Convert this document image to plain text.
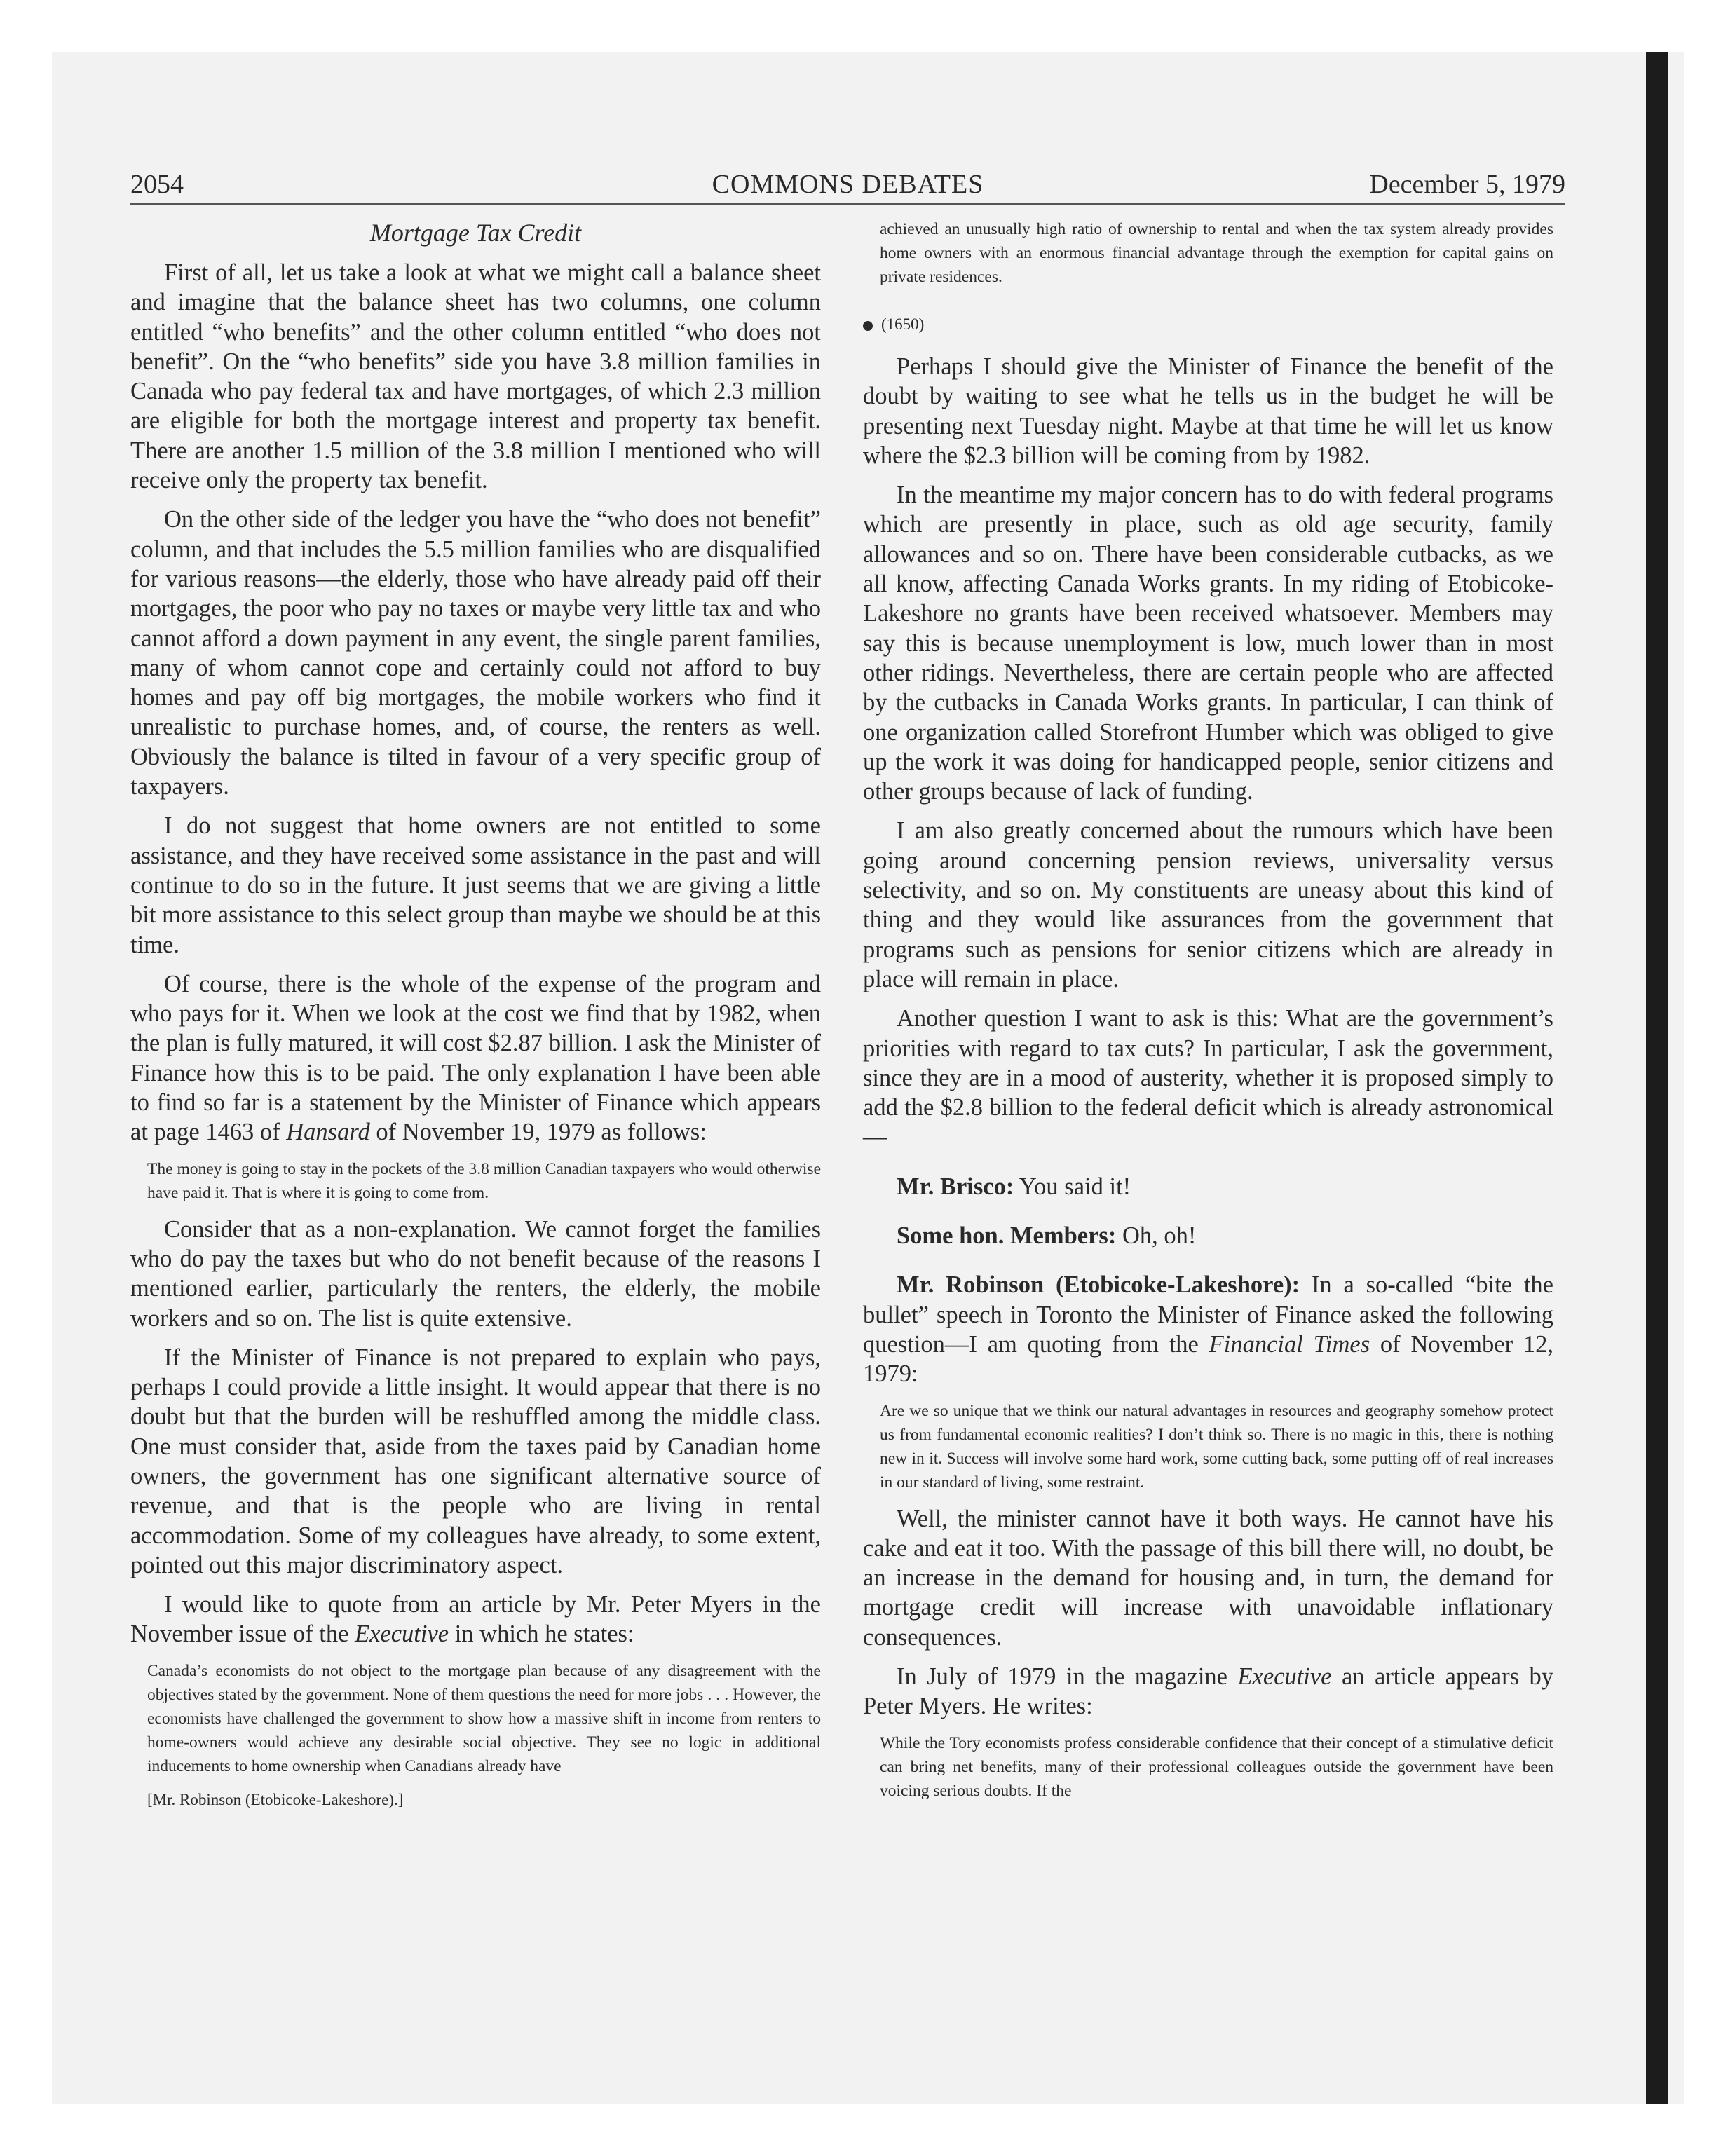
COMMONS DEBATES
2054	December 5, 1979

Mortgage Tax Credit

First of all, let us take a look at what we might call a balance sheet and imagine that the balance sheet has two columns, one column entitled “who benefits” and the other column entitled “who does not benefit”. On the “who benefits” side you have 3.8 million families in Canada who pay federal tax and have mortgages, of which 2.3 million are eligible for both the mortgage interest and property tax benefit. There are another 1.5 million of the 3.8 million I mentioned who will receive only the property tax benefit.

On the other side of the ledger you have the “who does not benefit” column, and that includes the 5.5 million families who are disqualified for various reasons—the elderly, those who have already paid off their mortgages, the poor who pay no taxes or maybe very little tax and who cannot afford a down payment in any event, the single parent families, many of whom cannot cope and certainly could not afford to buy homes and pay off big mortgages, the mobile workers who find it unrealistic to purchase homes, and, of course, the renters as well. Obviously the balance is tilted in favour of a very specific group of taxpayers.

I do not suggest that home owners are not entitled to some assistance, and they have received some assistance in the past and will continue to do so in the future. It just seems that we are giving a little bit more assistance to this select group than maybe we should be at this time.

Of course, there is the whole of the expense of the program and who pays for it. When we look at the cost we find that by 1982, when the plan is fully matured, it will cost $2.87 billion. I ask the Minister of Finance how this is to be paid. The only explanation I have been able to find so far is a statement by the Minister of Finance which appears at page 1463 of Hansard of November 19, 1979 as follows:

The money is going to stay in the pockets of the 3.8 million Canadian taxpayers who would otherwise have paid it. That is where it is going to come from.

Consider that as a non-explanation. We cannot forget the families who do pay the taxes but who do not benefit because of the reasons I mentioned earlier, particularly the renters, the elderly, the mobile workers and so on. The list is quite extensive.

If the Minister of Finance is not prepared to explain who pays, perhaps I could provide a little insight. It would appear that there is no doubt but that the burden will be reshuffled among the middle class. One must consider that, aside from the taxes paid by Canadian home owners, the government has one significant alternative source of revenue, and that is the people who are living in rental accommodation. Some of my colleagues have already, to some extent, pointed out this major discriminatory aspect.

I would like to quote from an article by Mr. Peter Myers in the November issue of the Executive in which he states:

Canada’s economists do not object to the mortgage plan because of any disagreement with the objectives stated by the government. None of them questions the need for more jobs . . . However, the economists have challenged the government to show how a massive shift in income from renters to home-owners would achieve any desirable social objective. They see no logic in additional inducements to home ownership when Canadians already have

[Mr. Robinson (Etobicoke-Lakeshore).]

achieved an unusually high ratio of ownership to rental and when the tax system already provides home owners with an enormous financial advantage through the exemption for capital gains on private residences.

(1650)

Perhaps I should give the Minister of Finance the benefit of the doubt by waiting to see what he tells us in the budget he will be presenting next Tuesday night. Maybe at that time he will let us know where the $2.3 billion will be coming from by 1982.

In the meantime my major concern has to do with federal programs which are presently in place, such as old age security, family allowances and so on. There have been considerable cutbacks, as we all know, affecting Canada Works grants. In my riding of Etobicoke-Lakeshore no grants have been received whatsoever. Members may say this is because unemployment is low, much lower than in most other ridings. Nevertheless, there are certain people who are affected by the cutbacks in Canada Works grants. In particular, I can think of one organization called Storefront Humber which was obliged to give up the work it was doing for handicapped people, senior citizens and other groups because of lack of funding.

I am also greatly concerned about the rumours which have been going around concerning pension reviews, universality versus selectivity, and so on. My constituents are uneasy about this kind of thing and they would like assurances from the government that programs such as pensions for senior citizens which are already in place will remain in place.

Another question I want to ask is this: What are the government’s priorities with regard to tax cuts? In particular, I ask the government, since they are in a mood of austerity, whether it is proposed simply to add the $2.8 billion to the federal deficit which is already astronomical—

Mr. Brisco: You said it!

Some hon. Members: Oh, oh!

Mr. Robinson (Etobicoke-Lakeshore): In a so-called “bite the bullet” speech in Toronto the Minister of Finance asked the following question—I am quoting from the Financial Times of November 12, 1979:

Are we so unique that we think our natural advantages in resources and geography somehow protect us from fundamental economic realities? I don’t think so. There is no magic in this, there is nothing new in it. Success will involve some hard work, some cutting back, some putting off of real increases in our standard of living, some restraint.

Well, the minister cannot have it both ways. He cannot have his cake and eat it too. With the passage of this bill there will, no doubt, be an increase in the demand for housing and, in turn, the demand for mortgage credit will increase with unavoidable inflationary consequences.

In July of 1979 in the magazine Executive an article appears by Peter Myers. He writes:

While the Tory economists profess considerable confidence that their concept of a stimulative deficit can bring net benefits, many of their professional colleagues outside the government have been voicing serious doubts. If the
